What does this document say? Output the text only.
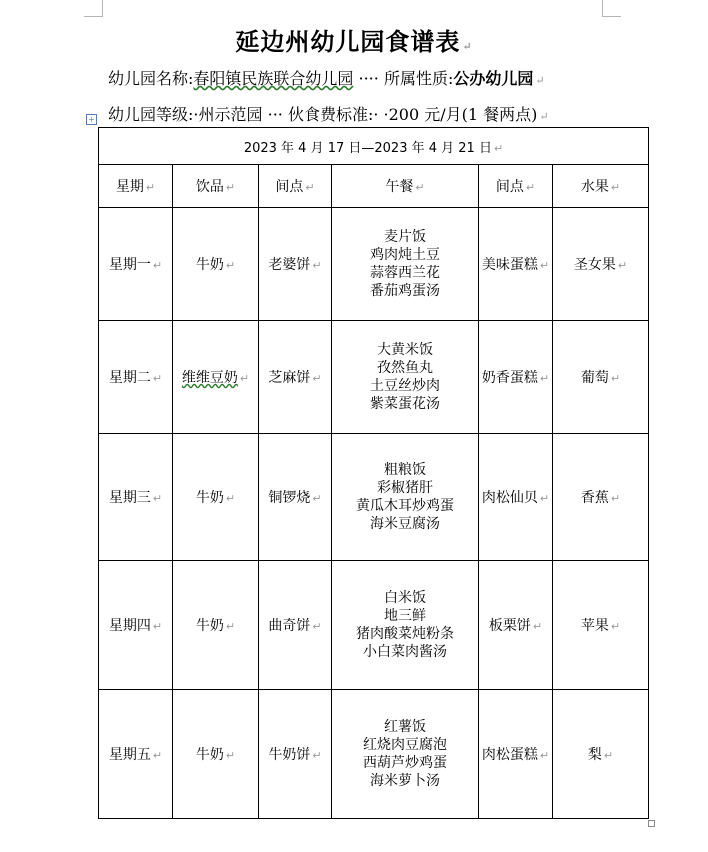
延边州幼儿园食谱表 ↵
幼儿园名称:春阳镇民族联合幼儿园 ···· 所属性质:公办幼儿园 ↵
幼儿园等级:·州示范园 ··· 伙食费标准:· ·200 元/月(1 餐两点) ↵
+
2023 年 4 月 17 日—2023 年 4 月 21 日 ↵					
星期 ↵	饮品 ↵	间点 ↵	午餐 ↵	间点 ↵	水果 ↵
星期一 ↵	牛奶 ↵	老婆饼 ↵	麦片饭
鸡肉炖土豆
蒜蓉西兰花
番茄鸡蛋汤	美味蛋糕 ↵	圣女果 ↵
星期二 ↵	维维豆奶 ↵	芝麻饼 ↵	大黄米饭
孜然鱼丸
土豆丝炒肉
紫菜蛋花汤	奶香蛋糕 ↵	葡萄 ↵
星期三 ↵	牛奶 ↵	铜锣烧 ↵	粗粮饭
彩椒猪肝
黄瓜木耳炒鸡蛋
海米豆腐汤	肉松仙贝 ↵	香蕉 ↵
星期四 ↵	牛奶 ↵	曲奇饼 ↵	白米饭
地三鲜
猪肉酸菜炖粉条
小白菜肉酱汤	板栗饼 ↵	苹果 ↵
星期五 ↵	牛奶 ↵	牛奶饼 ↵	红薯饭
红烧肉豆腐泡
西葫芦炒鸡蛋
海米萝卜汤	肉松蛋糕 ↵	梨 ↵
